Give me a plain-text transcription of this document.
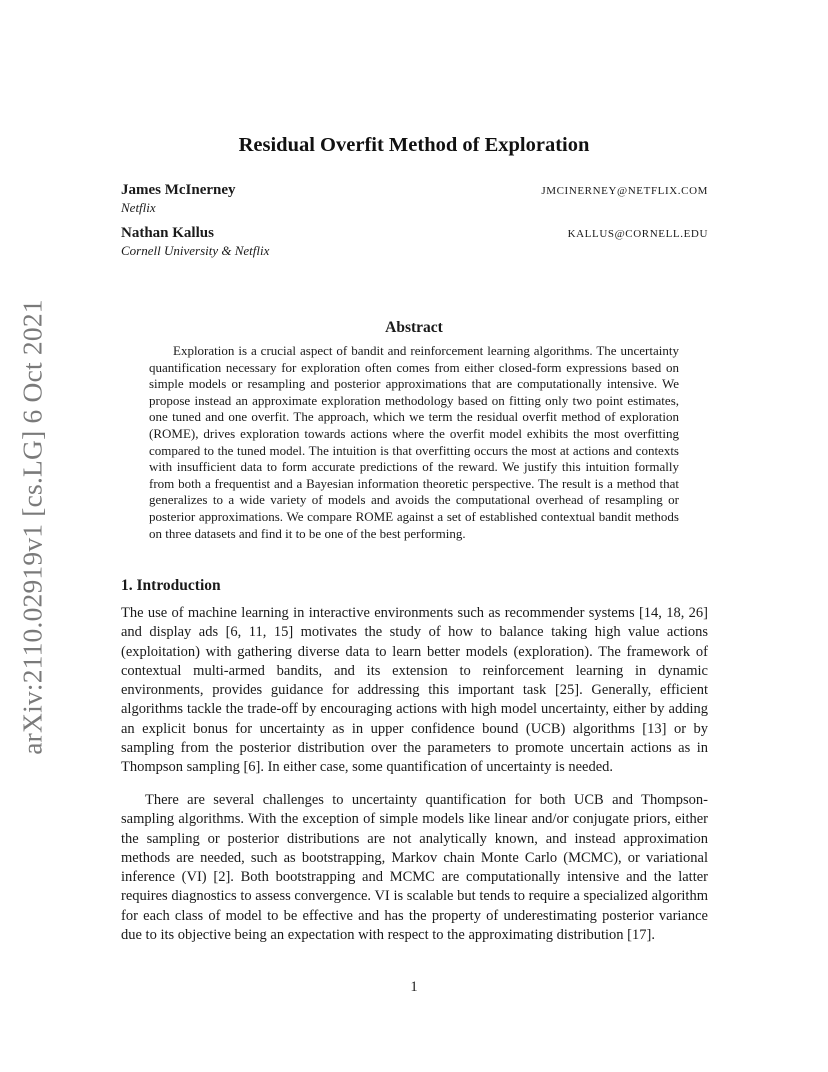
arXiv:2110.02919v1 [cs.LG] 6 Oct 2021
Residual Overfit Method of Exploration
James McInerney	JMCINERNEY@NETFLIX.COM
Netflix
Nathan Kallus	KALLUS@CORNELL.EDU
Cornell University & Netflix
Abstract

Exploration is a crucial aspect of bandit and reinforcement learning algorithms. The uncertainty quantification necessary for exploration often comes from either closed-form expressions based on simple models or resampling and posterior approximations that are computationally intensive. We propose instead an approximate exploration methodology based on fitting only two point estimates, one tuned and one overfit. The approach, which we term the residual overfit method of exploration (ROME), drives exploration towards actions where the overfit model exhibits the most overfitting compared to the tuned model. The intuition is that overfitting occurs the most at actions and contexts with insufficient data to form accurate predictions of the reward. We justify this intuition formally from both a frequentist and a Bayesian information theoretic perspective. The result is a method that generalizes to a wide variety of models and avoids the computational overhead of resampling or posterior approximations. We compare ROME against a set of established contextual bandit methods on three datasets and find it to be one of the best performing.

1. Introduction

The use of machine learning in interactive environments such as recommender systems [14, 18, 26] and display ads [6, 11, 15] motivates the study of how to balance taking high value actions (exploitation) with gathering diverse data to learn better models (exploration). The framework of contextual multi-armed bandits, and its extension to reinforcement learning in dynamic environments, provides guidance for addressing this important task [25]. Generally, efficient algorithms tackle the trade-off by encouraging actions with high model uncertainty, either by adding an explicit bonus for uncertainty as in upper confidence bound (UCB) algorithms [13] or by sampling from the posterior distribution over the parameters to promote uncertain actions as in Thompson sampling [6]. In either case, some quantification of uncertainty is needed.

There are several challenges to uncertainty quantification for both UCB and Thompson-sampling algorithms. With the exception of simple models like linear and/or conjugate priors, either the sampling or posterior distributions are not analytically known, and instead approximation methods are needed, such as bootstrapping, Markov chain Monte Carlo (MCMC), or variational inference (VI) [2]. Both bootstrapping and MCMC are computationally intensive and the latter requires diagnostics to assess convergence. VI is scalable but tends to require a specialized algorithm for each class of model to be effective and has the property of underestimating posterior variance due to its objective being an expectation with respect to the approximating distribution [17].

1
